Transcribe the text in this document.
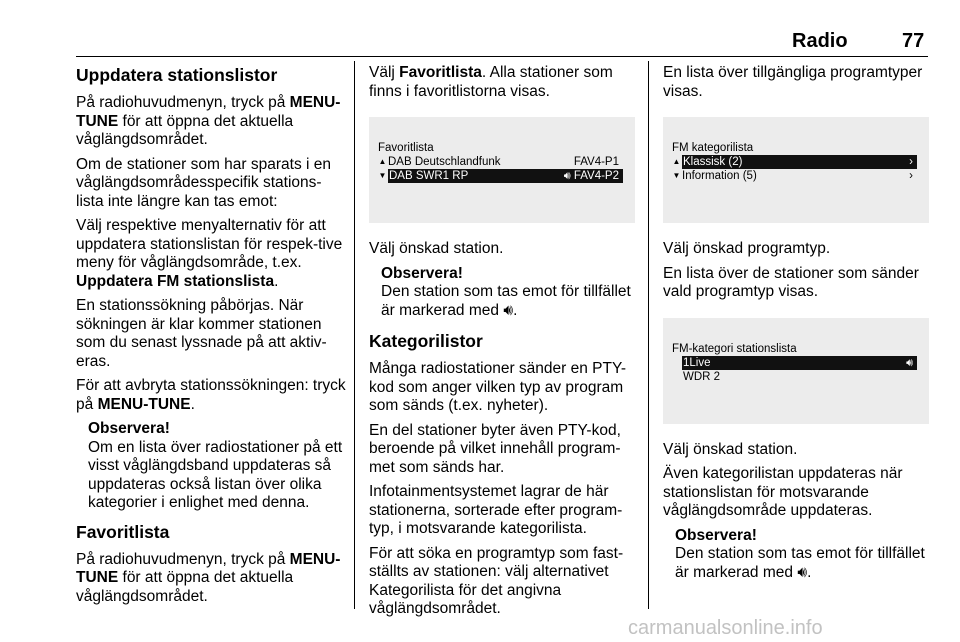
Radio	77
Uppdatera stationslistor

På radiohuvudmenyn, tryck på MENU-TUNE för att öppna det aktuella våglängdsområdet.

Om de stationer som har sparats i en våglängdsområdesspecifik stations-lista inte längre kan tas emot:

Välj respektive menyalternativ för att uppdatera stationslistan för respek-tive meny för våglängdsområde, t.ex. Uppdatera FM stationslista.

En stationssökning påbörjas. När sökningen är klar kommer stationen som du senast lyssnade på att aktiv-eras.

För att avbryta stationssökningen: tryck på MENU-TUNE.

Observera!

Om en lista över radiostationer på ett visst våglängdsband uppdateras så uppdateras också listan över olika kategorier i enlighet med denna.

Favoritlista

På radiohuvudmenyn, tryck på MENU-TUNE för att öppna det aktuella våglängdsområdet.

Välj Favoritlista. Alla stationer som finns i favoritlistorna visas.

Favoritlista
▲ DAB Deutschlandfunk	FAV4-P1
▼ DAB SWR1 RP	🔊︎ FAV4-P2

Välj önskad station.

Observera!

Den station som tas emot för tillfället är markerad med 🔊︎.

Kategorilistor

Många radiostationer sänder en PTY-kod som anger vilken typ av program som sänds (t.ex. nyheter).

En del stationer byter även PTY-kod, beroende på vilket innehåll program-met som sänds har.

Infotainmentsystemet lagrar de här stationerna, sorterade efter program-typ, i motsvarande kategorilista.

För att söka en programtyp som fast-ställts av stationen: välj alternativet Kategorilista för det angivna våglängdsområdet.

En lista över tillgängliga programtyper visas.

FM kategorilista
▲ Klassisk (2)	›
▼ Information (5)	›

Välj önskad programtyp.

En lista över de stationer som sänder vald programtyp visas.

FM-kategori stationslista
1Live	🔊︎
WDR 2

Välj önskad station.

Även kategorilistan uppdateras när stationslistan för motsvarande våglängdsområde uppdateras.

Observera!

Den station som tas emot för tillfället är markerad med 🔊︎.

carmanualsonline.info
